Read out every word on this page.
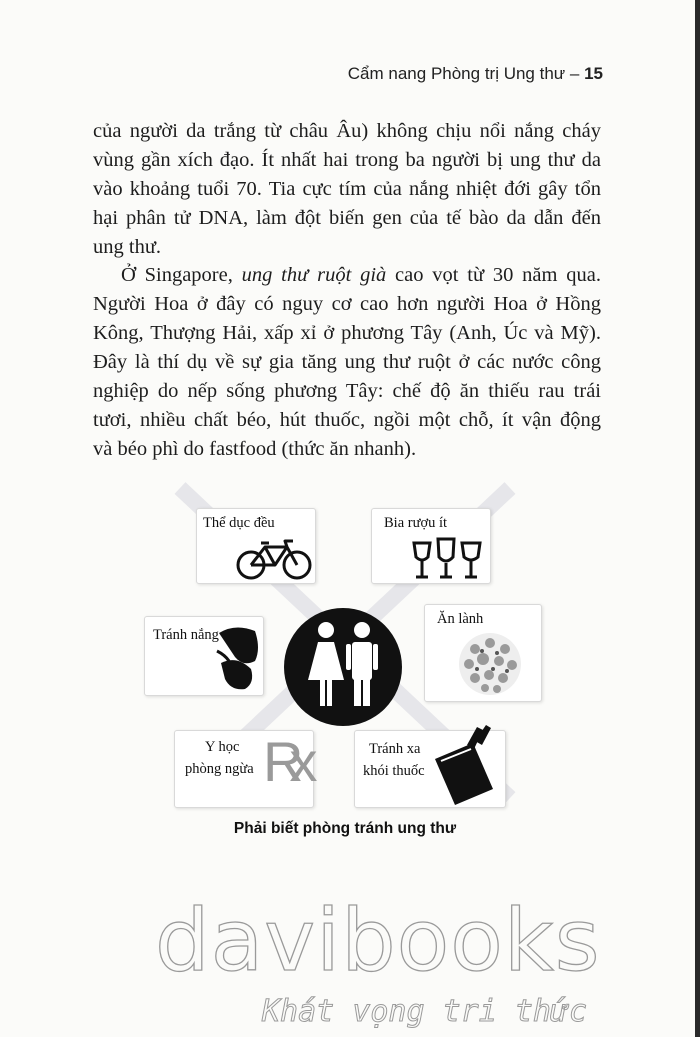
Cẩm nang Phòng trị Ung thư – 15
của người da trắng từ châu Âu) không chịu nổi nắng cháy
vùng gần xích đạo. Ít nhất hai trong ba người bị ung thư da
vào khoảng tuổi 70. Tia cực tím của nắng nhiệt đới gây tổn
hại phân tử DNA, làm đột biến gen của tế bào da dẫn đến
ung thư.
Ở Singapore, ung thư ruột già cao vọt từ 30 năm qua.
Người Hoa ở đây có nguy cơ cao hơn người Hoa ở Hồng
Kông, Thượng Hải, xấp xỉ ở phương Tây (Anh, Úc và Mỹ).
Đây là thí dụ về sự gia tăng ung thư ruột ở các nước công
nghiệp do nếp sống phương Tây: chế độ ăn thiếu rau trái
tươi, nhiều chất béo, hút thuốc, ngồi một chỗ, ít vận động
và béo phì do fastfood (thức ăn nhanh).
Thể dục đều	Bia rượu ít
Tránh nắng
Ăn lành
Y học
phòng ngừa Rx	Tránh xa
khói thuốc
Phải biết phòng tránh ung thư
davibooks
Khát vọng tri thức
